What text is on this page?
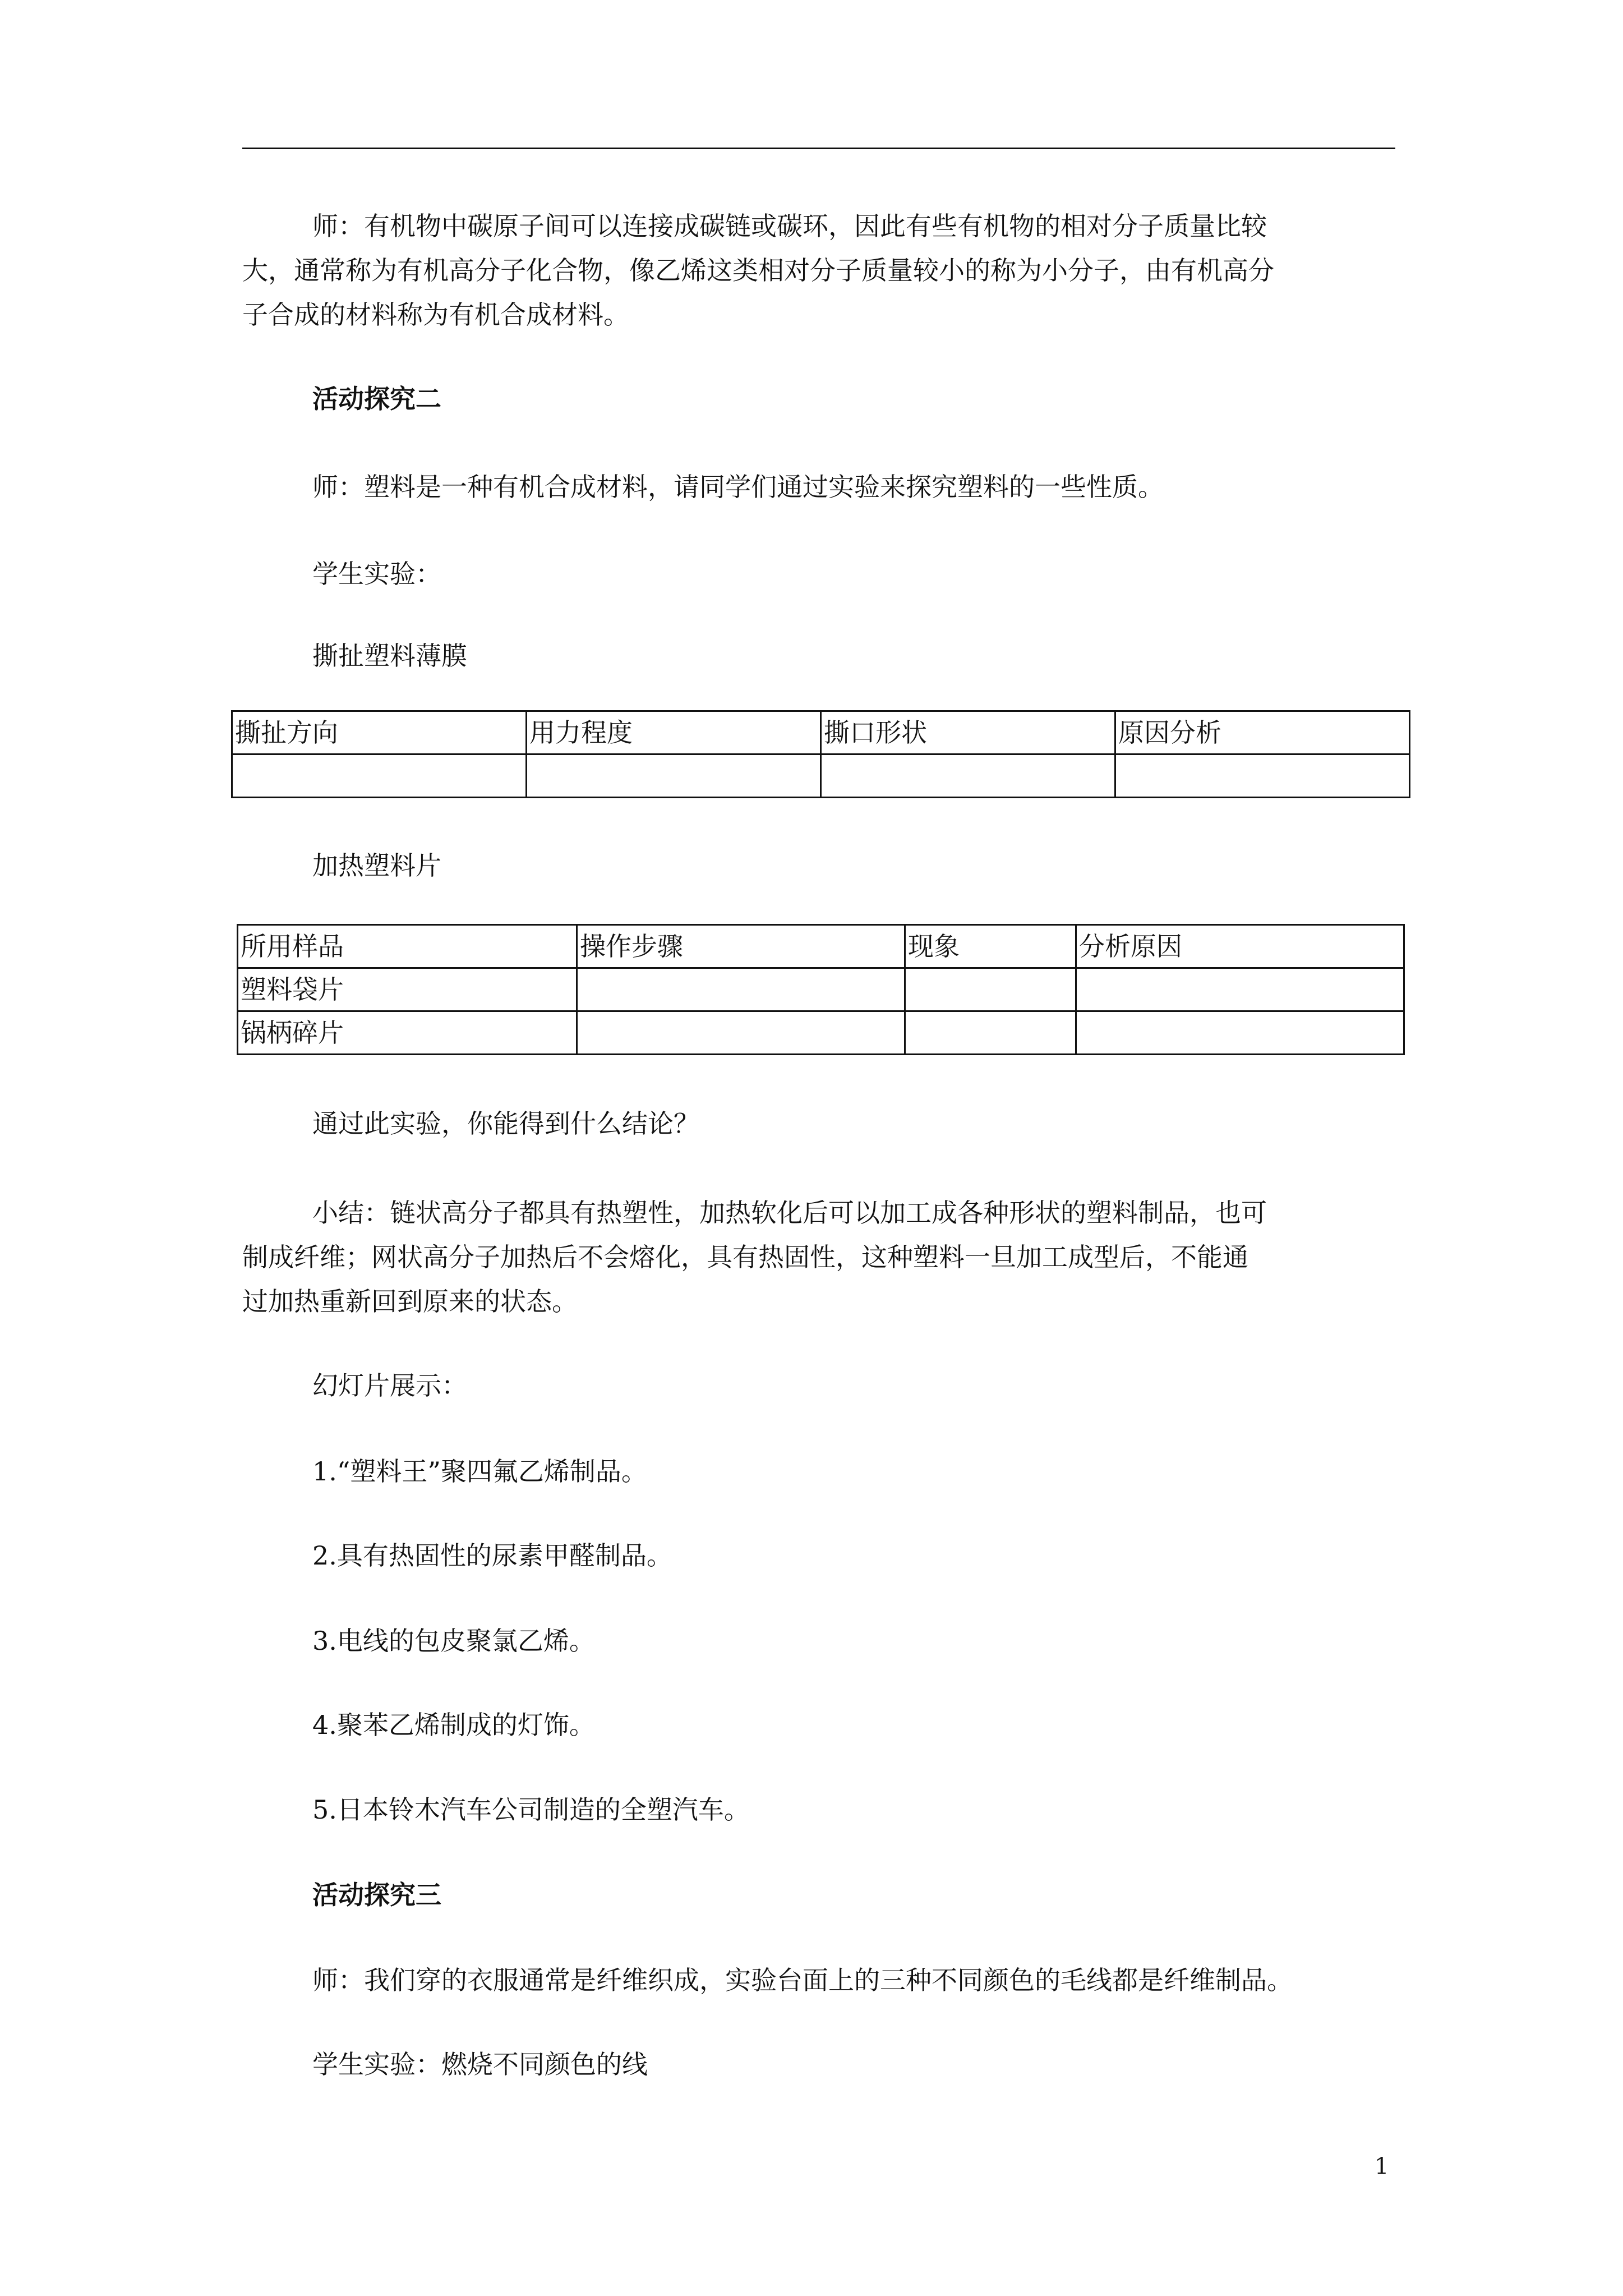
师：有机物中碳原子间可以连接成碳链或碳环，因此有些有机物的相对分子质量比较
大，通常称为有机高分子化合物，像乙烯这类相对分子质量较小的称为小分子，由有机高分
子合成的材料称为有机合成材料。
活动探究二
师：塑料是一种有机合成材料，请同学们通过实验来探究塑料的一些性质。
学生实验：
撕扯塑料薄膜
撕扯方向	用力程度	撕口形状	原因分析

加热塑料片
所用样品	操作步骤	现象	分析原因
塑料袋片			
锅柄碎片			
通过此实验，你能得到什么结论？
小结：链状高分子都具有热塑性，加热软化后可以加工成各种形状的塑料制品，也可
制成纤维；网状高分子加热后不会熔化，具有热固性，这种塑料一旦加工成型后，不能通
过加热重新回到原来的状态。
幻灯片展示：
1.“塑料王”聚四氟乙烯制品。
2.具有热固性的尿素甲醛制品。
3.电线的包皮聚氯乙烯。
4.聚苯乙烯制成的灯饰。
5.日本铃木汽车公司制造的全塑汽车。
活动探究三
师：我们穿的衣服通常是纤维织成，实验台面上的三种不同颜色的毛线都是纤维制品。
学生实验：燃烧不同颜色的线
1
